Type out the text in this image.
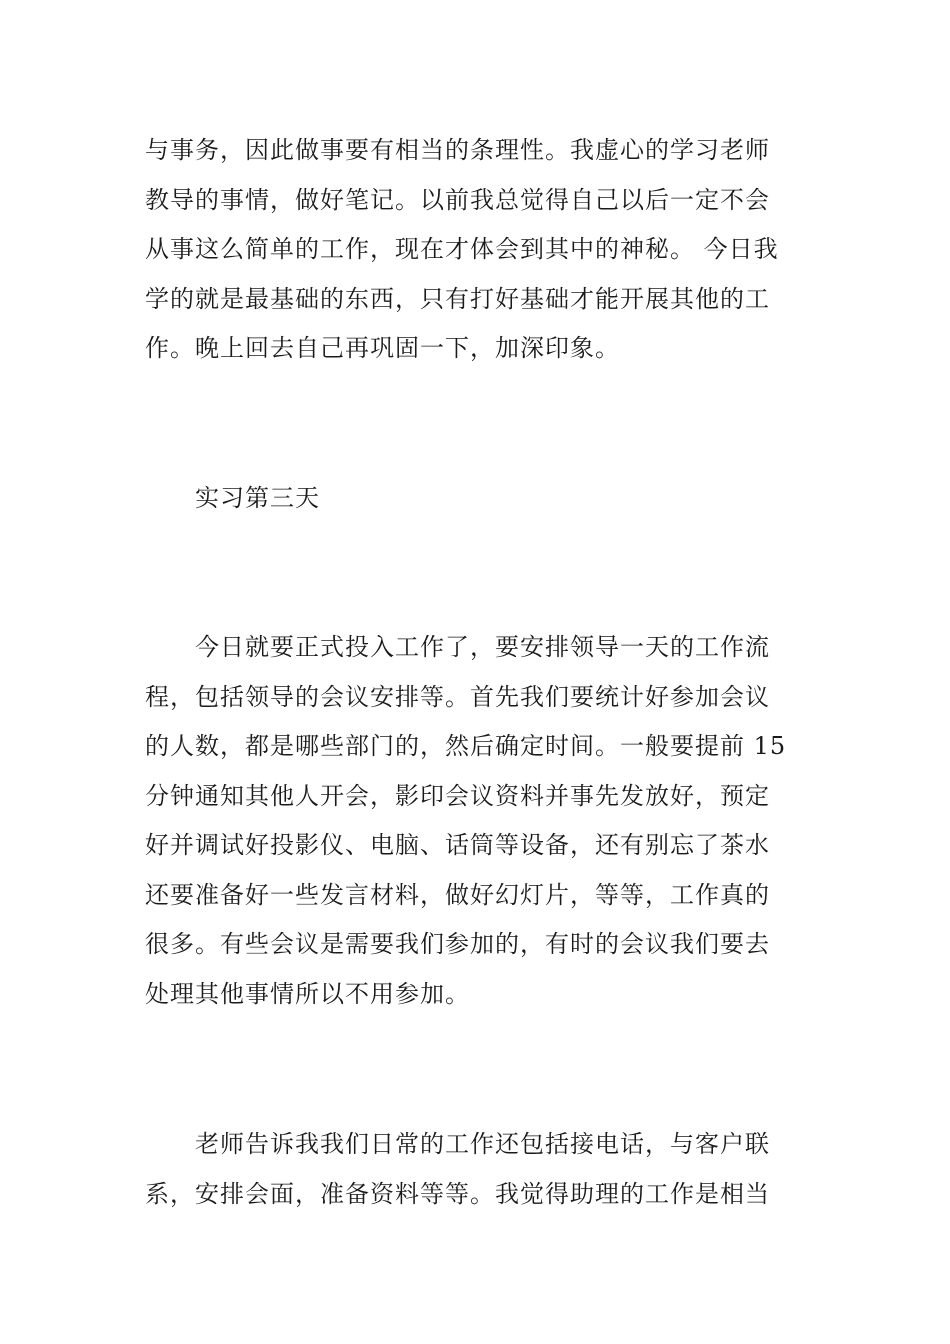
与事务，因此做事要有相当的条理性。我虚心的学习老师
教导的事情，做好笔记。以前我总觉得自己以后一定不会
从事这么简单的工作，现在才体会到其中的神秘。 今日我
学的就是最基础的东西，只有打好基础才能开展其他的工
作。晚上回去自己再巩固一下，加深印象。
实习第三天
今日就要正式投入工作了，要安排领导一天的工作流
程，包括领导的会议安排等。首先我们要统计好参加会议
的人数，都是哪些部门的，然后确定时间。一般要提前 15
分钟通知其他人开会，影印会议资料并事先发放好，预定
好并调试好投影仪、电脑、话筒等设备，还有别忘了茶水
还要准备好一些发言材料，做好幻灯片，等等，工作真的
很多。有些会议是需要我们参加的，有时的会议我们要去
处理其他事情所以不用参加。
老师告诉我我们日常的工作还包括接电话，与客户联
系，安排会面，准备资料等等。我觉得助理的工作是相当
